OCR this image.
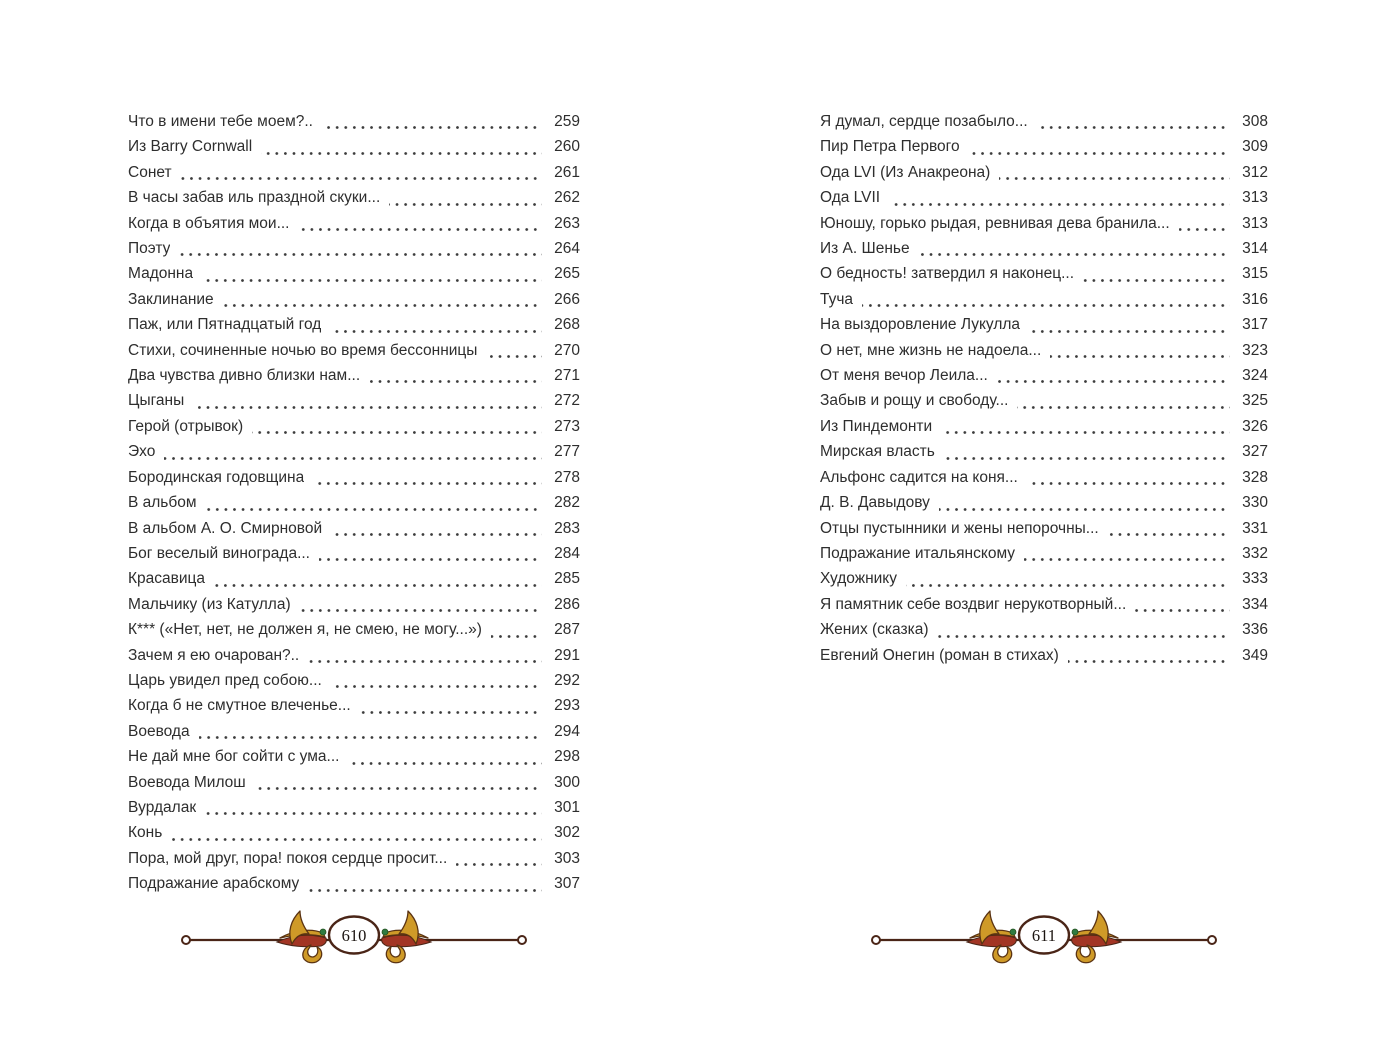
Что в имени тебе моем?..	259
Из Barry Cornwall	260
Сонет	261
В часы забав иль праздной скуки...	262
Когда в объятия мои...	263
Поэту	264
Мадонна	265
Заклинание	266
Паж, или Пятнадцатый год	268
Стихи, сочиненные ночью во время бессонницы	270
Два чувства дивно близки нам...	271
Цыганы	272
Герой (отрывок)	273
Эхо	277
Бородинская годовщина	278
В альбом	282
В альбом А. О. Смирновой	283
Бог веселый винограда...	284
Красавица	285
Мальчику (из Катулла)	286
К*** («Нет, нет, не должен я, не смею, не могу...»)	287
Зачем я ею очарован?..	291
Царь увидел пред собою...	292
Когда б не смутное влеченье...	293
Воевода	294
Не дай мне бог сойти с ума...	298
Воевода Милош	300
Вурдалак	301
Конь	302
Пора, мой друг, пора! покоя сердце просит...	303
Подражание арабскому	307
Я думал, сердце позабыло...	308
Пир Петра Первого	309
Ода LVI (Из Анакреона)	312
Ода LVII	313
Юношу, горько рыдая, ревнивая дева бранила...	313
Из А. Шенье	314
О бедность! затвердил я наконец...	315
Туча	316
На выздоровление Лукулла	317
О нет, мне жизнь не надоела...	323
От меня вечор Леила...	324
Забыв и рощу и свободу...	325
Из Пиндемонти	326
Мирская власть	327
Альфонс садится на коня...	328
Д. В. Давыдову	330
Отцы пустынники и жены непорочны...	331
Подражание итальянскому	332
Художнику	333
Я памятник себе воздвиг нерукотворный...	334
Жених (сказка)	336
Евгений Онегин (роман в стихах)	349
610	611
